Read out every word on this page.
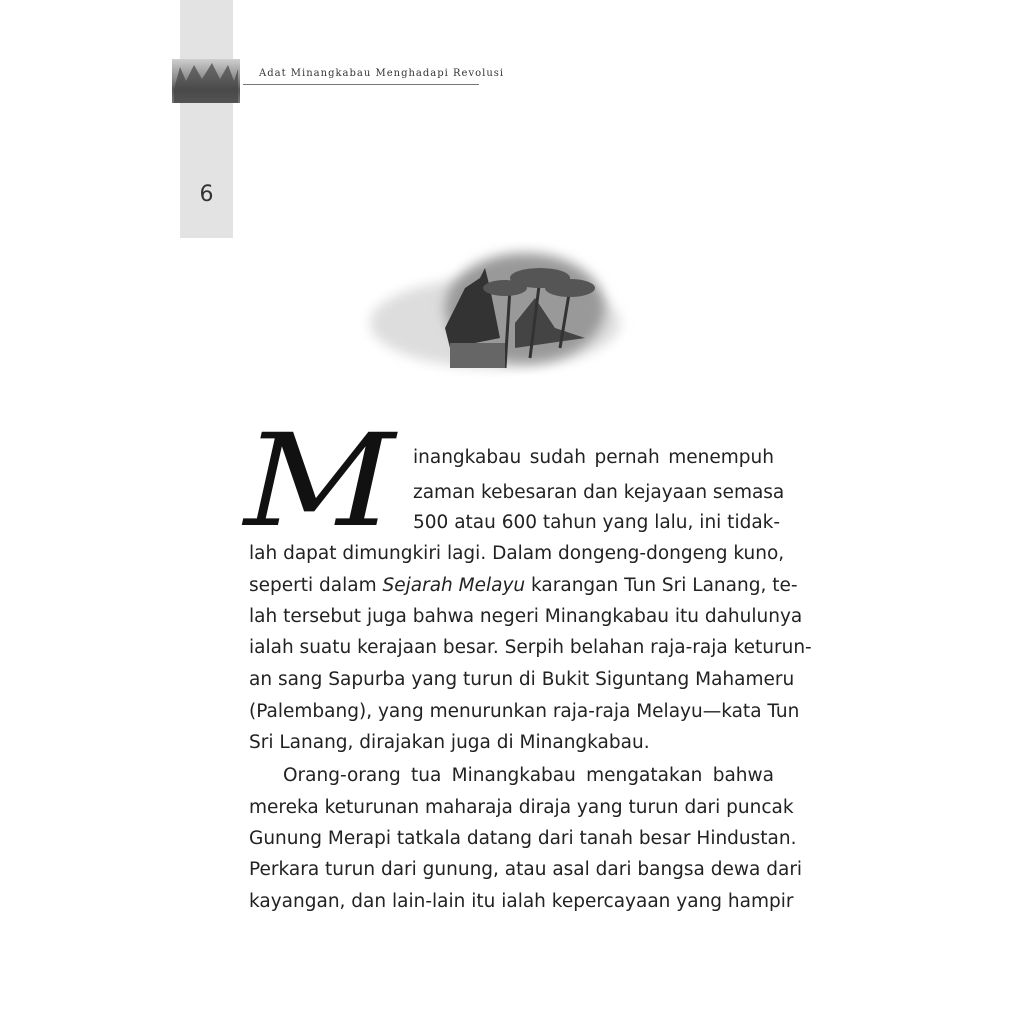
Adat Minangkabau Menghadapi Revolusi
6
M inangkabau sudah pernah menempuh
zaman kebesaran dan kejayaan semasa
500 atau 600 tahun yang lalu, ini tidak-
lah dapat dimungkiri lagi. Dalam dongeng-dongeng kuno,
seperti dalam Sejarah Melayu karangan Tun Sri Lanang, te-
lah tersebut juga bahwa negeri Minangkabau itu dahulunya
ialah suatu kerajaan besar. Serpih belahan raja-raja keturun-
an sang Sapurba yang turun di Bukit Siguntang Mahameru
(Palembang), yang menurunkan raja-raja Melayu—kata Tun
Sri Lanang, dirajakan juga di Minangkabau.
Orang-orang tua Minangkabau mengatakan bahwa
mereka keturunan maharaja diraja yang turun dari puncak
Gunung Merapi tatkala datang dari tanah besar Hindustan.
Perkara turun dari gunung, atau asal dari bangsa dewa dari
kayangan, dan lain-lain itu ialah kepercayaan yang hampir
